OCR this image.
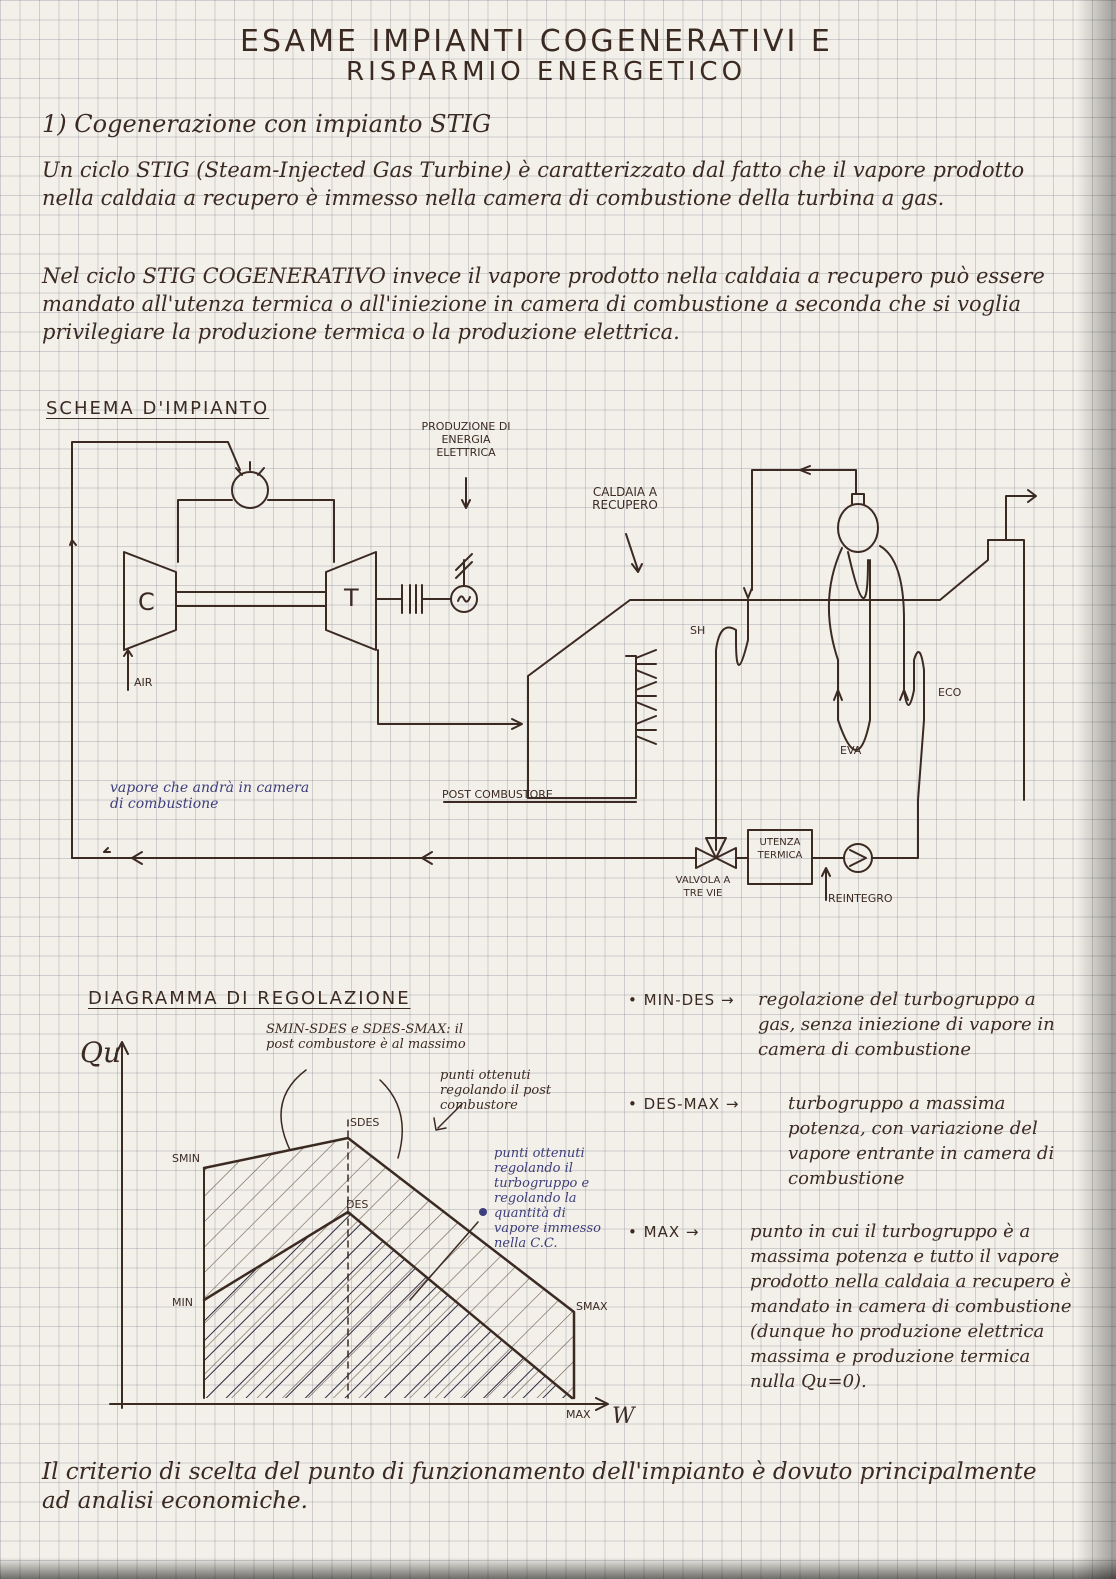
ESAME IMPIANTI COGENERATIVI E
RISPARMIO ENERGETICO
1) Cogenerazione con impianto STIG
Un ciclo STIG (Steam-Injected Gas Turbine) è caratterizzato dal fatto che il vapore prodotto nella caldaia a recupero è immesso nella camera di combustione della turbina a gas.
Nel ciclo STIG COGENERATIVO invece il vapore prodotto nella caldaia a recupero può essere mandato all'utenza termica o all'iniezione in camera di combustione a seconda che si voglia privilegiare la produzione termica o la produzione elettrica.
SCHEMA D'IMPIANTO
C	T
AIR
PRODUZIONE DI ENERGIA ELETTRICA
CALDAIA A RECUPERO
SH
ECO
EVA
POST COMBUSTORE
vapore che andrà in camera di combustione
VALVOLA A TRE VIE
UTENZA TERMICA
REINTEGRO
DIAGRAMMA DI REGOLAZIONE
Qu
W
SMIN
SDES
DES
MIN	SMAX
MAX
SMIN-SDES e SDES-SMAX: il post combustore è al massimo
punti ottenuti regolando il post combustore
punti ottenuti regolando il turbogruppo e regolando la quantità di vapore immesso nella C.C.
• MIN-DES → regolazione del turbogruppo a gas, senza iniezione di vapore in camera di combustione
• DES-MAX →	turbogruppo a massima potenza, con variazione del vapore entrante in camera di combustione
• MAX →	punto in cui il turbogruppo è a massima potenza e tutto il vapore prodotto nella caldaia a recupero è mandato in camera di combustione (dunque ho produzione elettrica massima e produzione termica nulla Qu=0).
Il criterio di scelta del punto di funzionamento dell'impianto è dovuto principalmente ad analisi economiche.
